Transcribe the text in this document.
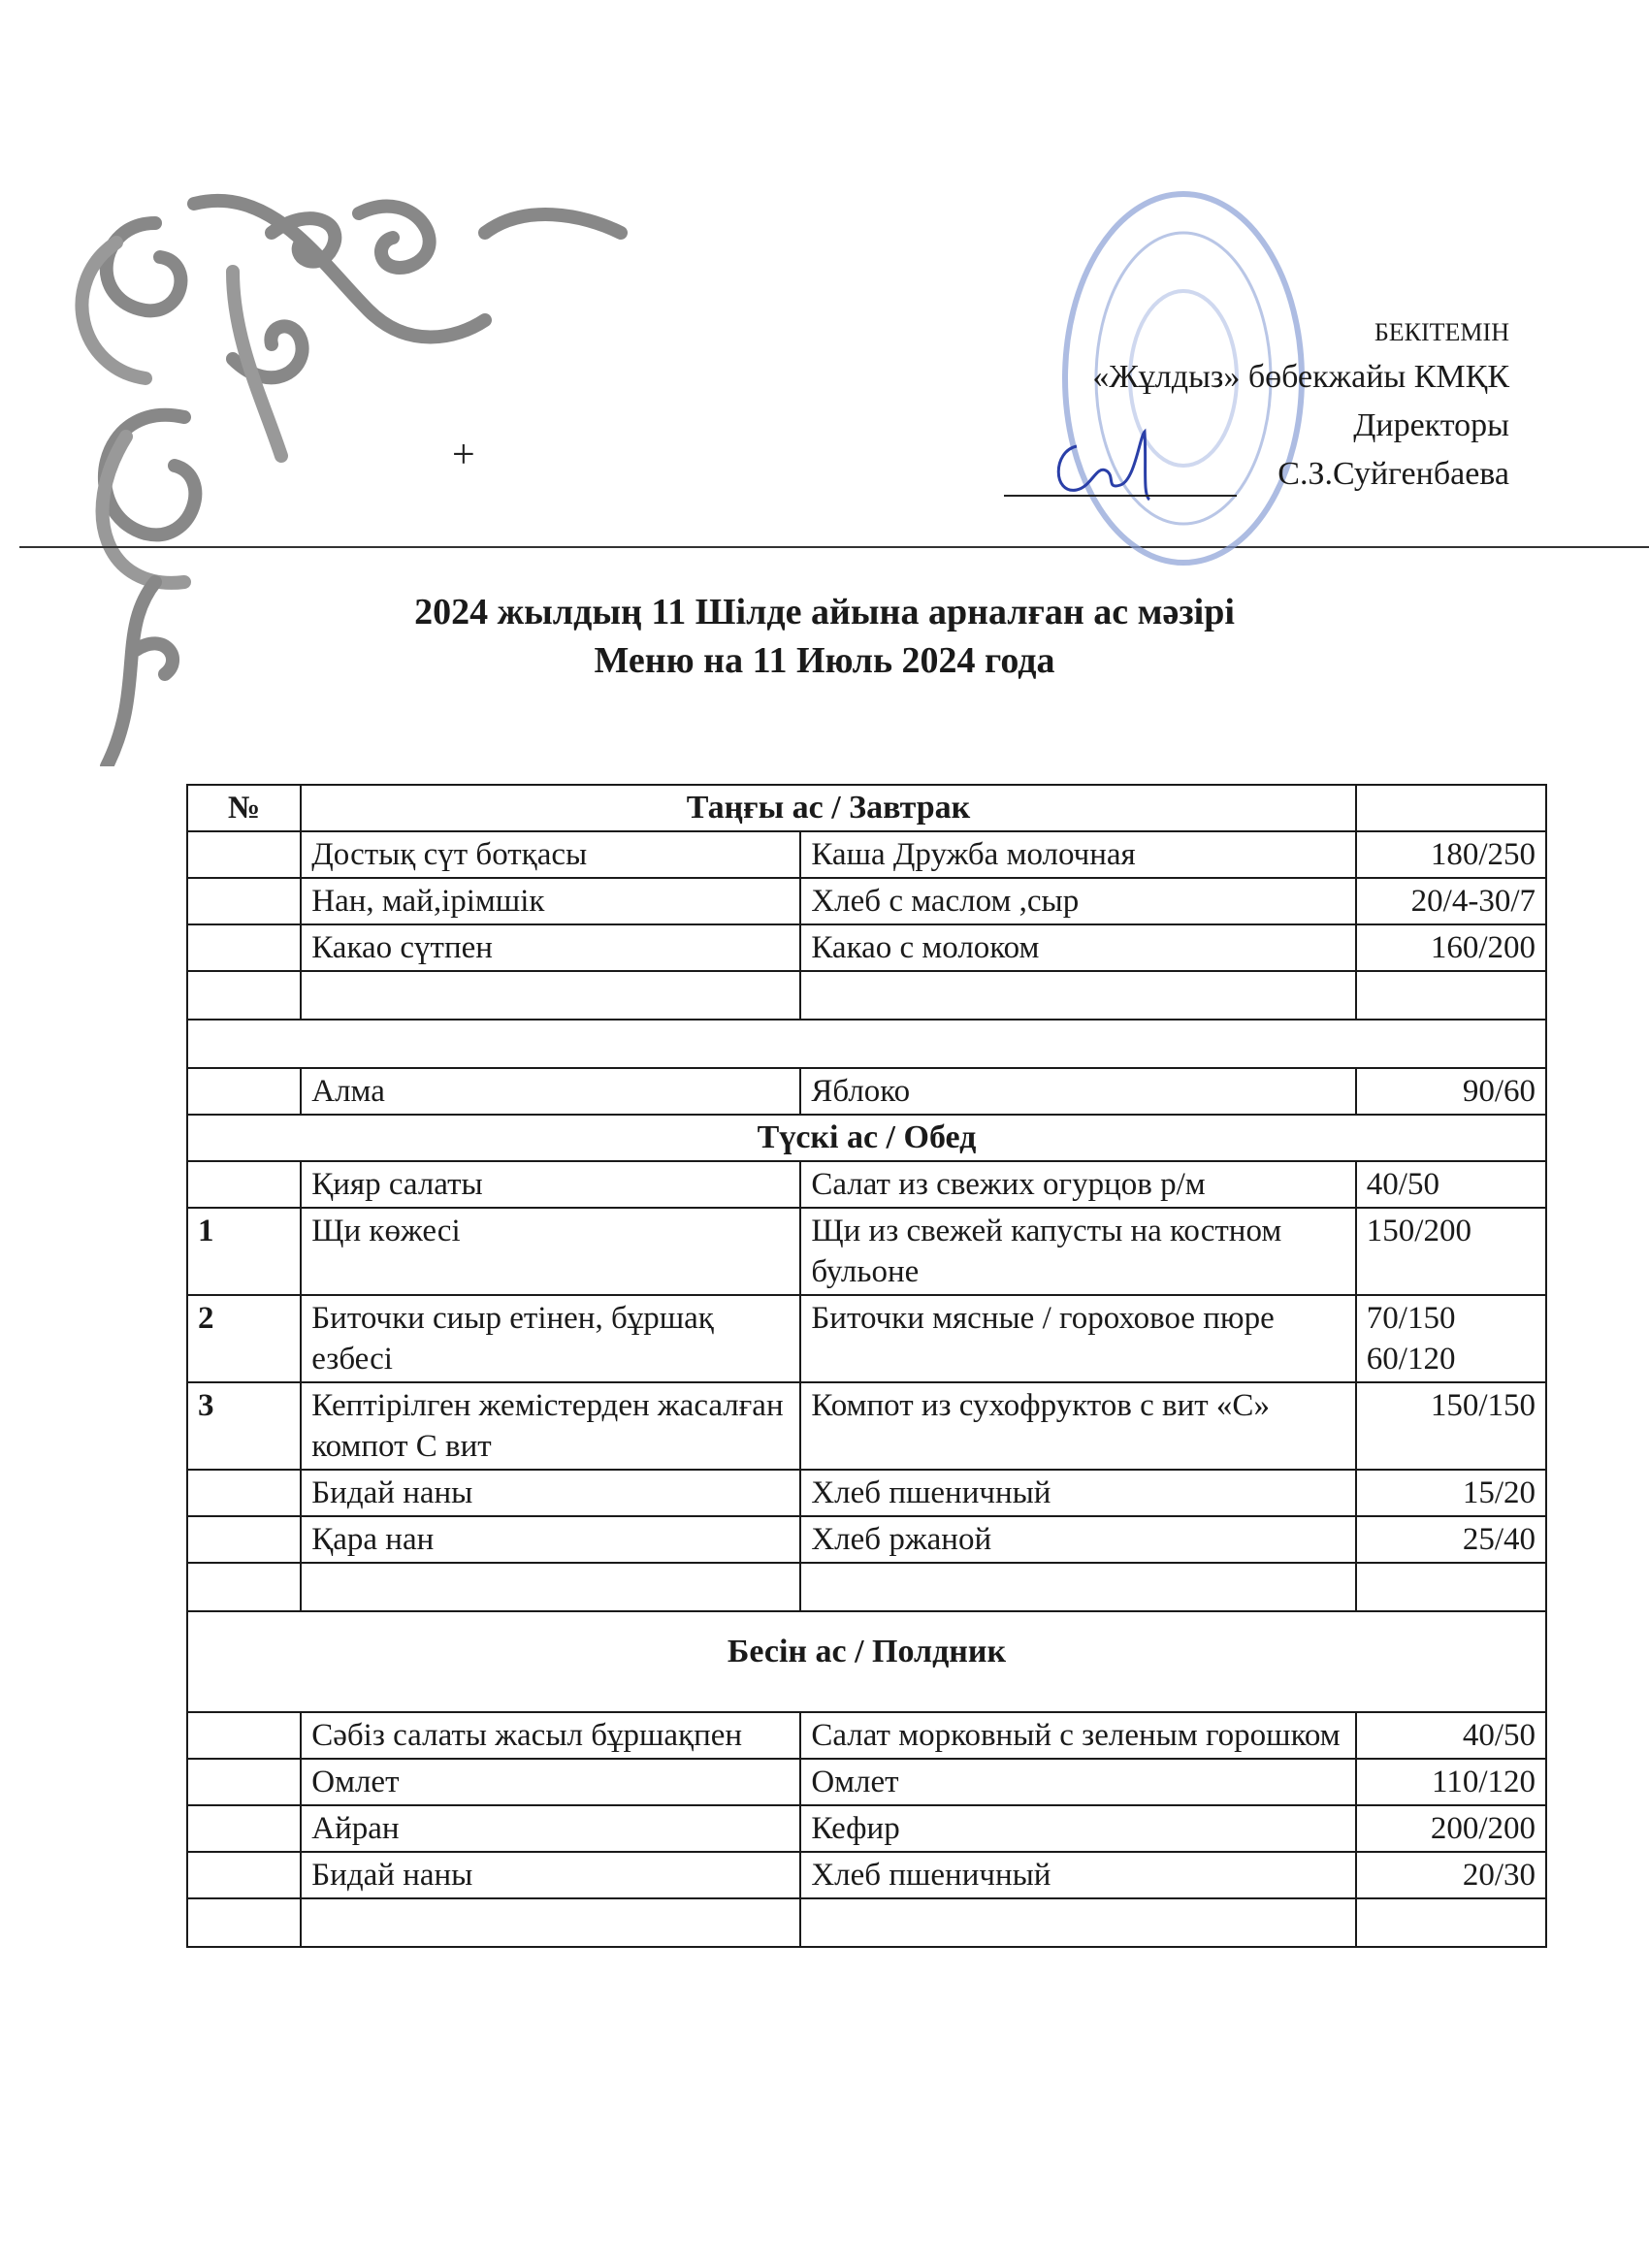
+
БЕКІТЕМІН
«Жұлдыз» бөбекжайы КМҚК
Директоры
С.З.Суйгенбаева
2024 жылдың 11 Шілде айына арналған ас мәзірі
Меню на 11 Июль 2024 года
№	Таңғы ас / Завтрак		
	Достық сүт ботқасы	Каша Дружба молочная	180/250
	Нан, май,ірімшік	Хлеб с маслом ,сыр	20/4-30/7
	Какао сүтпен	Какао с молоком	160/200

	Алма	Яблоко	90/60
Түскі ас / Обед			
	Қияр салаты	Салат из свежих огурцов р/м	40/50
1	Щи көжесі	Щи из свежей капусты на костном бульоне	150/200
2	Биточки сиыр етінен, бұршақ езбесі	Биточки мясные / гороховое пюре	70/150
60/120
3	Кептірілген жемістерден жасалған компот С вит	Компот из сухофруктов с вит «С»	150/150
	Бидай наны	Хлеб пшеничный	15/20
	Қара нан	Хлеб ржаной	25/40

Бесін ас / Полдник			
	Сәбіз салаты жасыл бұршақпен	Салат морковный с зеленым горошком	40/50
	Омлет	Омлет	110/120
	Айран	Кефир	200/200
	Бидай наны	Хлеб пшеничный	20/30
